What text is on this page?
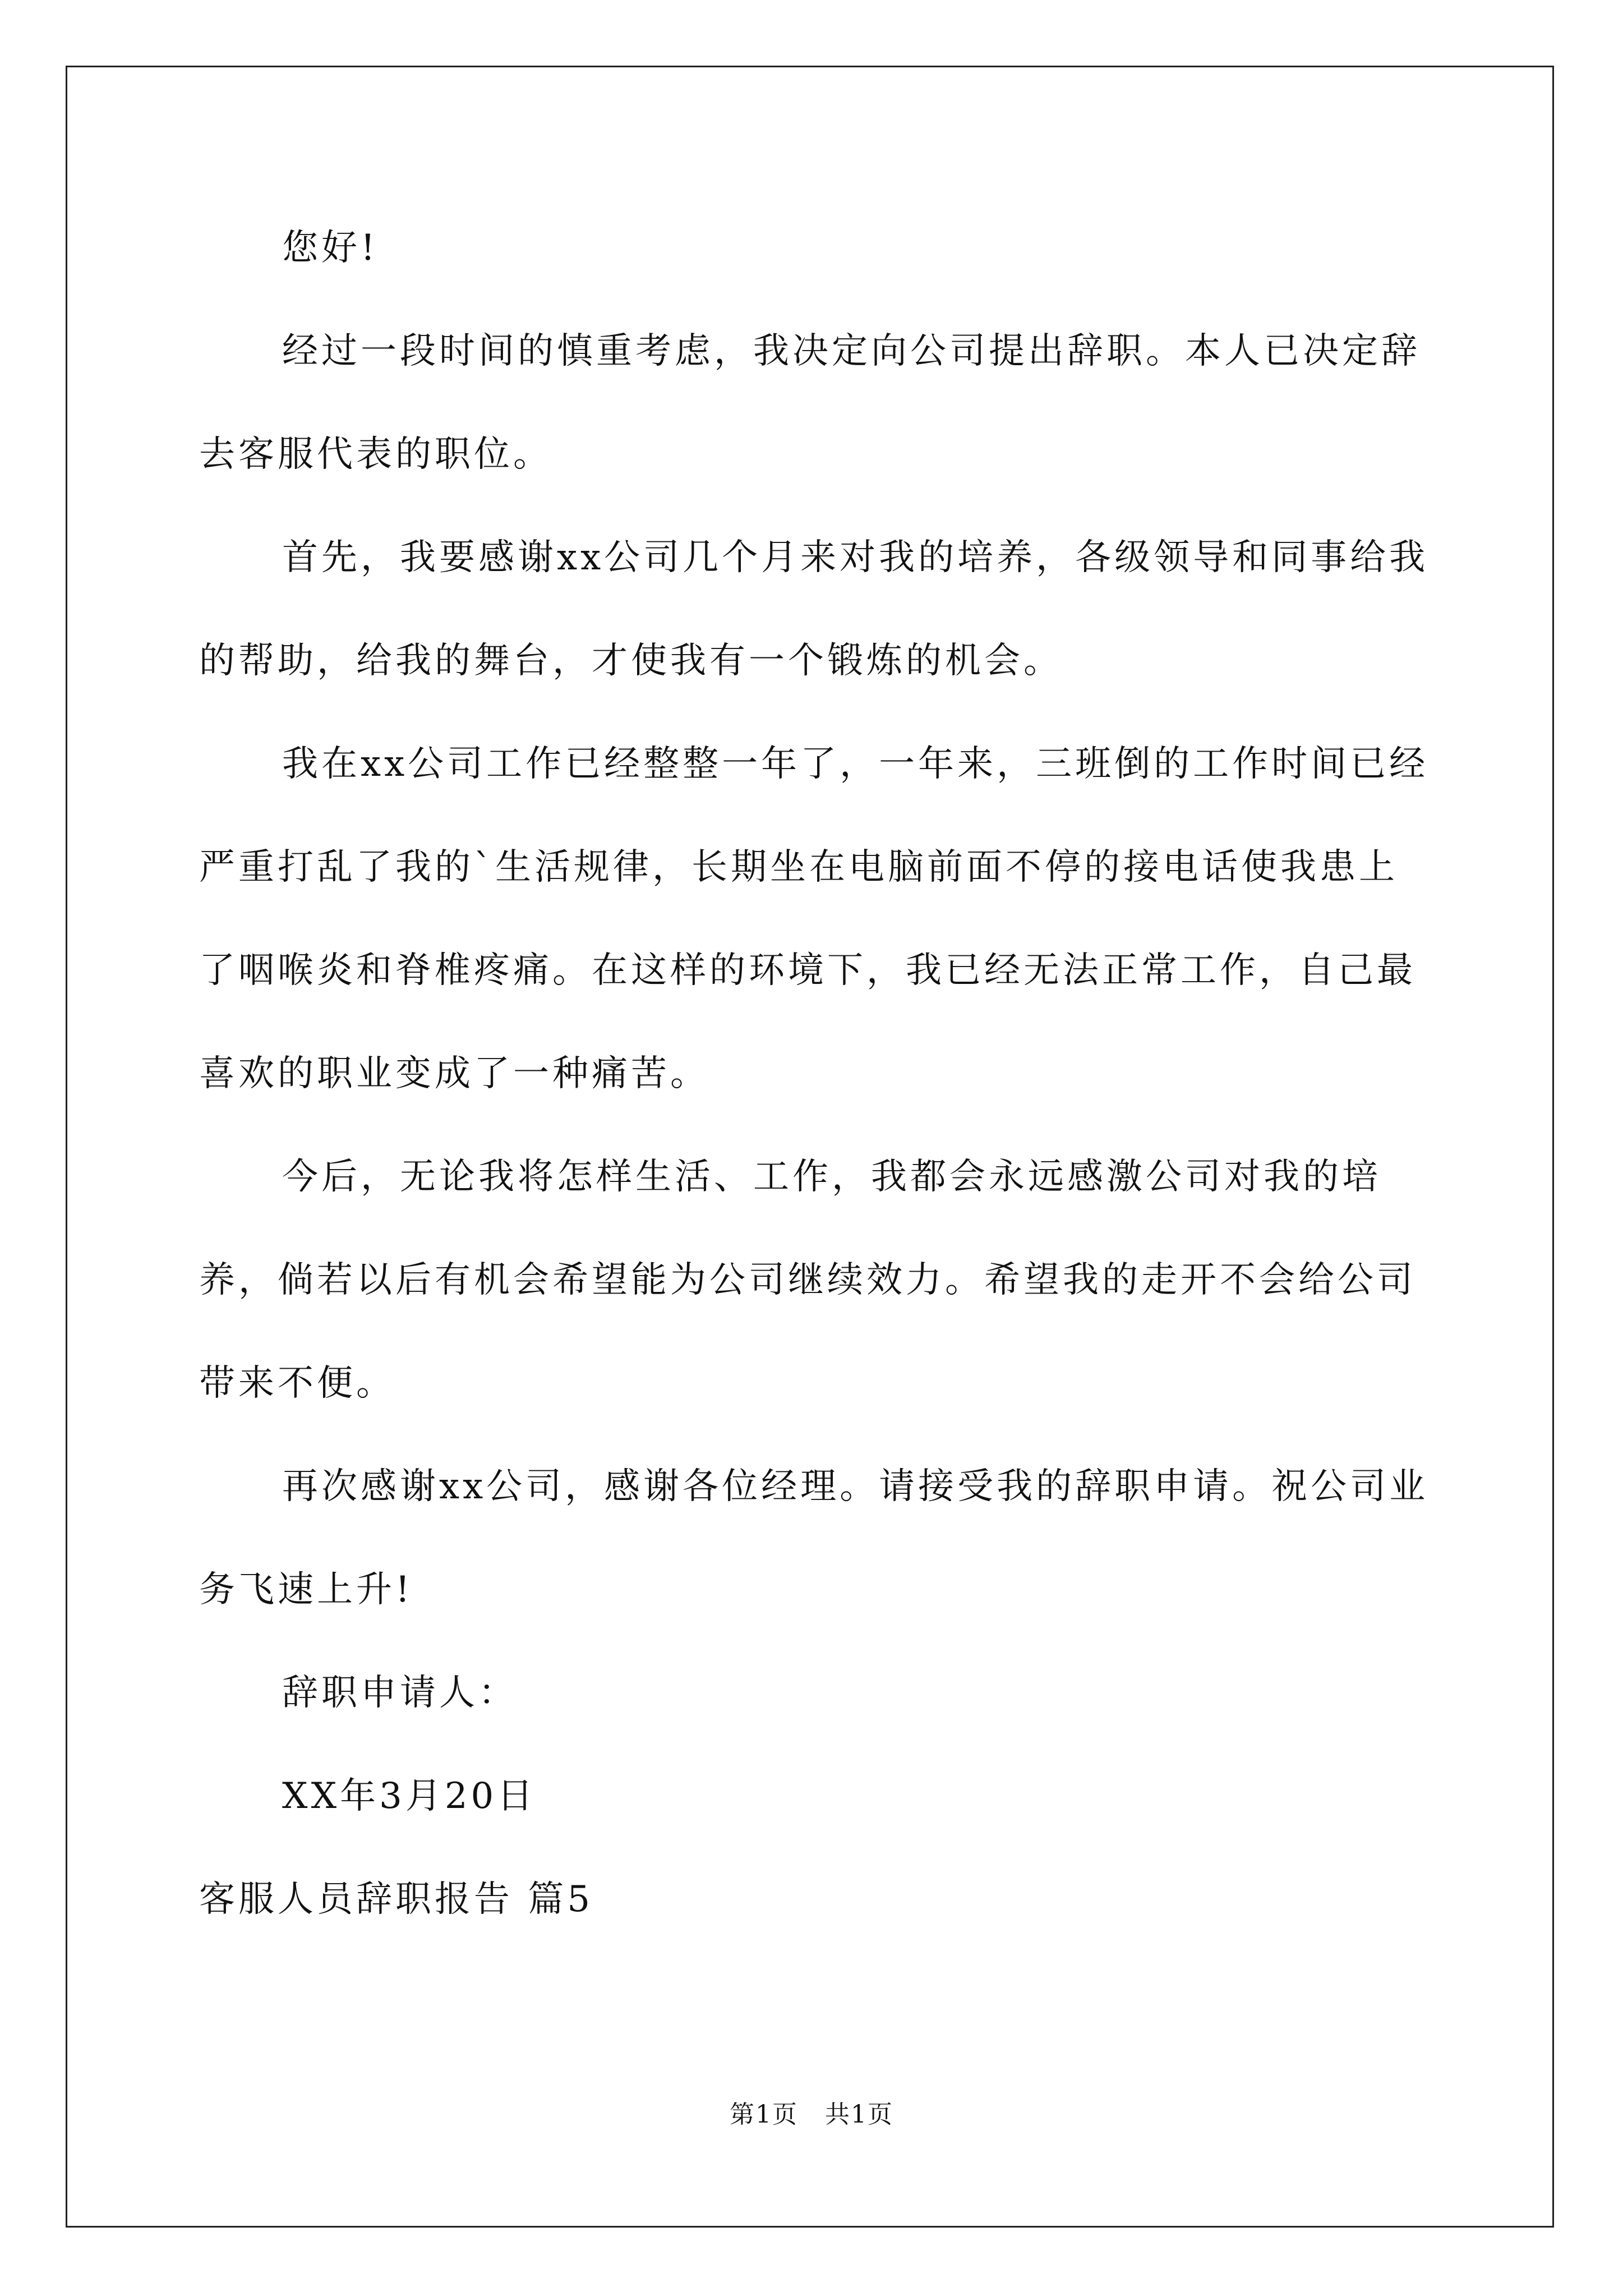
您好!

经过一段时间的慎重考虑，我决定向公司提出辞职。本人已决定辞去客服代表的职位。

首先，我要感谢xx公司几个月来对我的培养，各级领导和同事给我的帮助，给我的舞台，才使我有一个锻炼的机会。

我在xx公司工作已经整整一年了，一年来，三班倒的工作时间已经严重打乱了我的`生活规律，长期坐在电脑前面不停的接电话使我患上了咽喉炎和脊椎疼痛。在这样的环境下，我已经无法正常工作，自己最喜欢的职业变成了一种痛苦。

今后，无论我将怎样生活、工作，我都会永远感激公司对我的培养，倘若以后有机会希望能为公司继续效力。希望我的走开不会给公司带来不便。

再次感谢xx公司，感谢各位经理。请接受我的辞职申请。祝公司业务飞速上升!

辞职申请人：

XX年3月20日

客服人员辞职报告 篇5

第1页 共1页
